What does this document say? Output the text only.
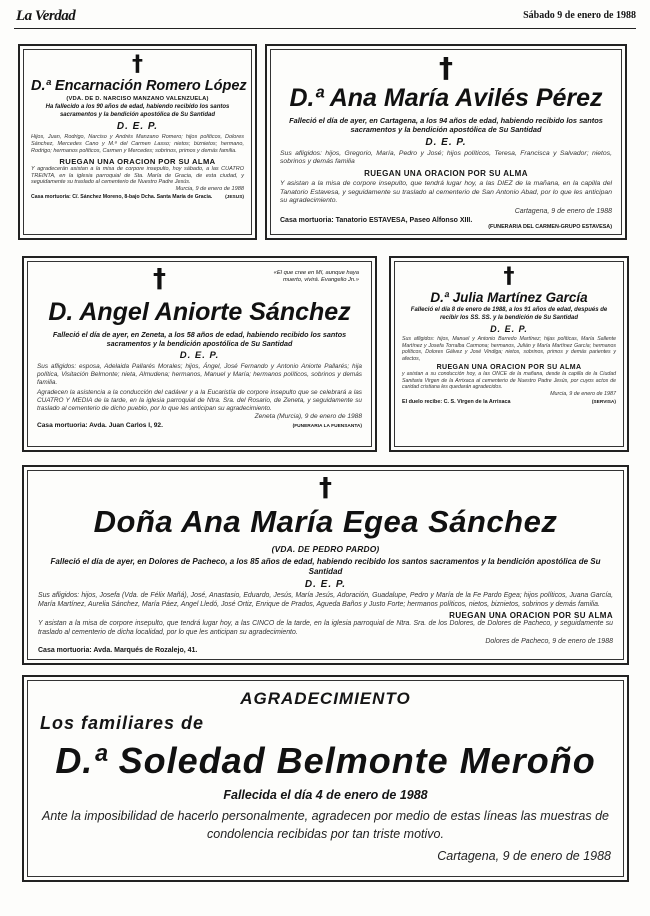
La Verdad	Sábado 9 de enero de 1988
†
D.ª Encarnación Romero López
(VDA. DE D. NARCISO MANZANO VALENZUELA)
Ha fallecido a los 90 años de edad, habiendo recibido los santos sacramentos y la bendición apostólica de Su Santidad
D. E. P.
Hijos, Juan, Rodrigo, Narciso y Andrés Manzano Romero; hijos políticos, Dolores Sánchez, Mercedes Cano y M.ª del Carmen Lasso; nietos; biznietos; hermano, Rodrigo; hermanos políticos, Carmen y Mercedes; sobrinos, primos y demás familia.
RUEGAN UNA ORACION POR SU ALMA
Y agradecerán asistan a la misa de corpore insepulto, hoy sábado, a las CUATRO TREINTA, en la iglesia parroquial de Sta. María de Gracia, de esta ciudad, y seguidamente su traslado al cementerio de Nuestro Padre Jesús.
Murcia, 9 de enero de 1988
Casa mortuoria: C/. Sánchez Moreno, 8-bajo Dcha. Santa María de Gracia.	(JESUS)
†
D.ª Ana María Avilés Pérez
Falleció el día de ayer, en Cartagena, a los 94 años de edad, habiendo recibido los santos sacramentos y la bendición apostólica de Su Santidad
D. E. P.
Sus afligidos: hijos, Gregorio, María, Pedro y José; hijos políticos, Teresa, Francisca y Salvador; nietos, sobrinos y demás familia
RUEGAN UNA ORACION POR SU ALMA
Y asistan a la misa de corpore insepulto, que tendrá lugar hoy, a las DIEZ de la mañana, en la capilla del Tanatorio Estavesa, y seguidamente su traslado al cementerio de San Antonio Abad, por lo que les anticipan su agradecimiento.
Cartagena, 9 de enero de 1988
Casa mortuoria: Tanatorio ESTAVESA, Paseo Alfonso XIII.
(FUNERARIA DEL CARMEN-GRUPO ESTAVESA)
«El que cree en Mí, aunque haya muerto, vivirá. Evangelio Jn.»
†
D. Angel Aniorte Sánchez
Falleció el día de ayer, en Zeneta, a los 58 años de edad, habiendo recibido los santos sacramentos y la bendición apostólica de Su Santidad
D. E. P.
Sus afligidos: esposa, Adelaida Pallarés Morales; hijos, Ángel, José Fernando y Antonio Aniorte Pallarés; hija política, Visitación Belmonte; nieta, Almudena; hermanos, Manuel y María; hermanos políticos, sobrinos y demás familia.
Agradecen la asistencia a la conducción del cadáver y a la Eucaristía de corpore insepulto que se celebrará a las CUATRO Y MEDIA de la tarde, en la iglesia parroquial de Ntra. Sra. del Rosario, de Zeneta, y seguidamente su traslado al cementerio de dicho pueblo, por lo que les anticipan su agradecimiento.
Zeneta (Murcia), 9 de enero de 1988
Casa mortuoria: Avda. Juan Carlos I, 92.	(FUNERARIA LA FUENSANTA)
†
D.ª Julia Martínez García
Falleció el día 8 de enero de 1988, a los 91 años de edad, después de recibir los SS. SS. y la bendición de Su Santidad
D. E. P.
Sus afligidos: hijos, Manuel y Antonio Barredo Martínez; hijas políticas, María Sallente Martínez y Josefa Torralba Carmona; hermanos, Julián y María Martínez García; hermanos políticos, Dolores Gálvez y José Vindiga; nietos, sobrinos, primos y demás parientes y afectos,
RUEGAN UNA ORACION POR SU ALMA
y asistan a su conducción hoy, a las ONCE de la mañana, desde la capilla de la Ciudad Sanitaria Virgen de la Arrixaca al cementerio de Nuestro Padre Jesús, por cuyos actos de caridad cristiana les quedarán agradecidos.
Murcia, 9 de enero de 1987
El duelo recibe: C. S. Virgen de la Arrixaca	(SERVISA)
†
Doña Ana María Egea Sánchez
(VDA. DE PEDRO PARDO)
Falleció el día de ayer, en Dolores de Pacheco, a los 85 años de edad, habiendo recibido los santos sacramentos y la bendición apostólica de Su Santidad
D. E. P.
Sus afligidos: hijos, Josefa (Vda. de Félix Mañá), José, Anastasio, Eduardo, Jesús, María Jesús, Adoración, Guadalupe, Pedro y María de la Fe Pardo Egea; hijos políticos, Juana García, María Martínez, Aurelia Sánchez, María Páez, Angel Lledó, José Ortiz, Enrique de Prados, Agueda Baños y Justo Forte; hermanos políticos, nietos, biznietos, sobrinos y demás familia.
RUEGAN UNA ORACION POR SU ALMA
Y asistan a la misa de corpore insepulto, que tendrá lugar hoy, a las CINCO de la tarde, en la iglesia parroquial de Ntra. Sra. de los Dolores, de Dolores de Pacheco, y seguidamente su traslado al cementerio de dicha localidad, por lo que les anticipan su agradecimiento.
Dolores de Pacheco, 9 de enero de 1988
Casa mortuoria: Avda. Marqués de Rozalejo, 41.
AGRADECIMIENTO
Los familiares de
D.ª Soledad Belmonte Meroño
Fallecida el día 4 de enero de 1988
Ante la imposibilidad de hacerlo personalmente, agradecen por medio de estas líneas las muestras de condolencia recibidas por tan triste motivo.
Cartagena, 9 de enero de 1988
